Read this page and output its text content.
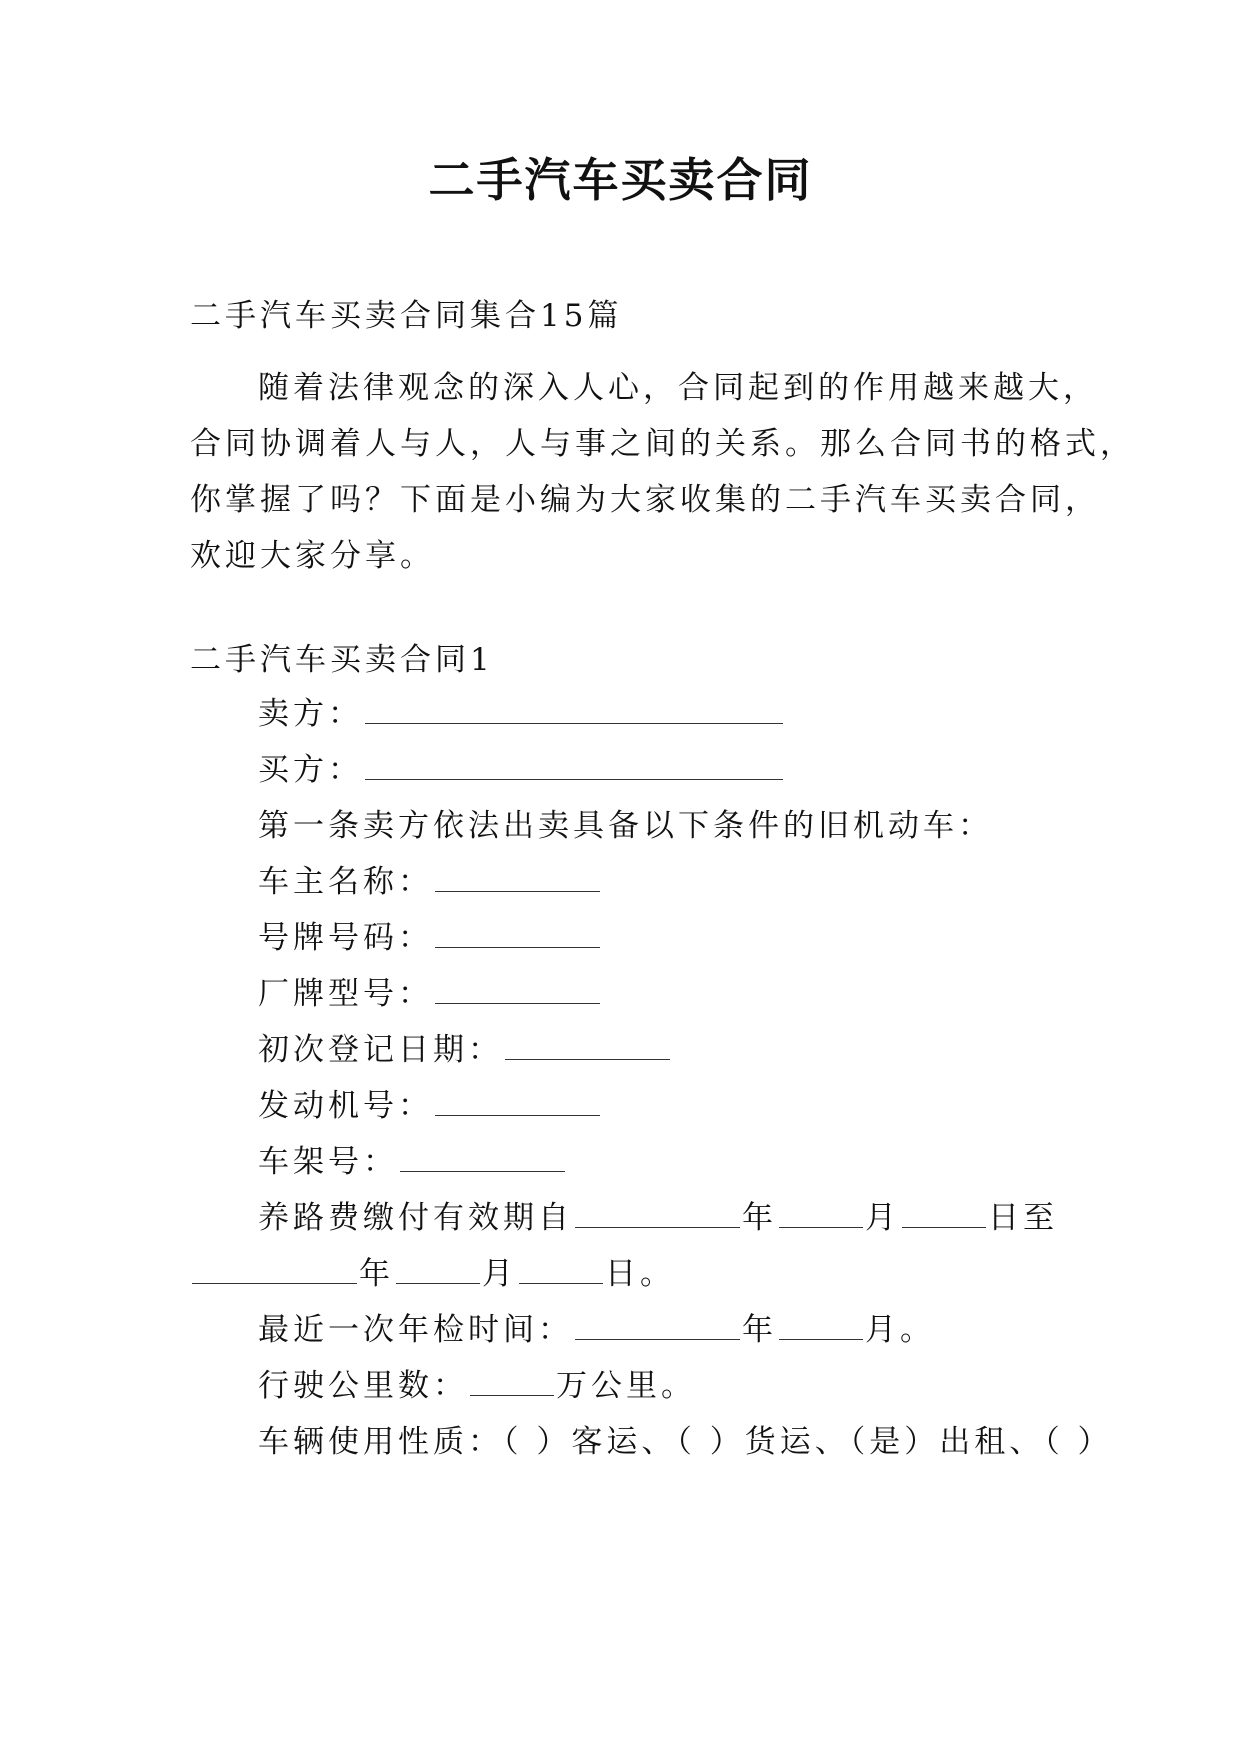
二手汽车买卖合同
二手汽车买卖合同集合15篇
随着法律观念的深入人心，合同起到的作用越来越大，
合同协调着人与人，人与事之间的关系。那么合同书的格式，
你掌握了吗？下面是小编为大家收集的二手汽车买卖合同，
欢迎大家分享。
二手汽车买卖合同1
卖方：
买方：
第一条卖方依法出卖具备以下条件的旧机动车：
车主名称：
号牌号码：
厂牌型号：
初次登记日期：
发动机号：
车架号：
养路费缴付有效期自	年	月	日至
年	月	日。
最近一次年检时间：	年	月。
行驶公里数：	万公里。
车辆使用性质：（ ）客运、（ ）货运、（是）出租、（ ）
